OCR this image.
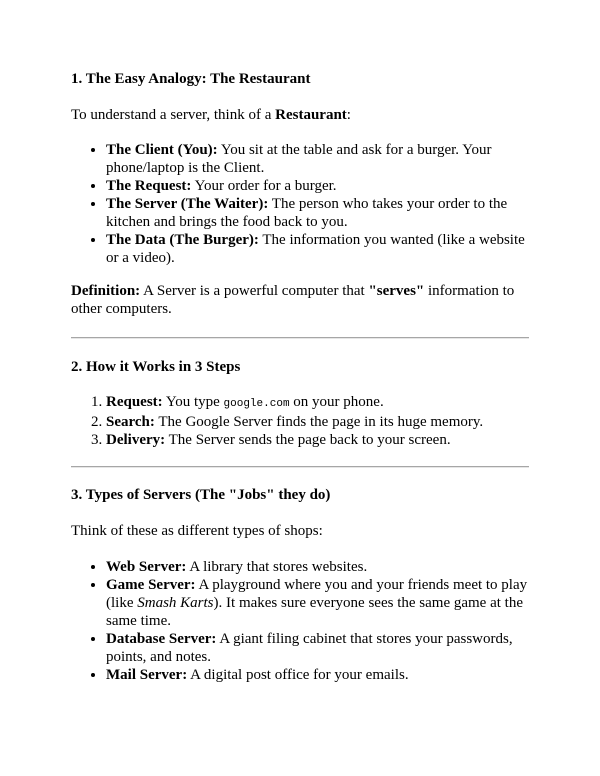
1. The Easy Analogy: The Restaurant

To understand a server, think of a Restaurant:

• The Client (You): You sit at the table and ask for a burger. Your phone/laptop is the Client.
• The Request: Your order for a burger.
• The Server (The Waiter): The person who takes your order to the kitchen and brings the food back to you.
• The Data (The Burger): The information you wanted (like a website or a video).

Definition: A Server is a powerful computer that "serves" information to other computers.

2. How it Works in 3 Steps
1. Request: You type google.com on your phone.
2. Search: The Google Server finds the page in its huge memory.
3. Delivery: The Server sends the page back to your screen.
3. Types of Servers (The "Jobs" they do)

Think of these as different types of shops:

• Web Server: A library that stores websites.
• Game Server: A playground where you and your friends meet to play (like Smash Karts). It makes sure everyone sees the same game at the same time.
• Database Server: A giant filing cabinet that stores your passwords, points, and notes.
• Mail Server: A digital post office for your emails.
